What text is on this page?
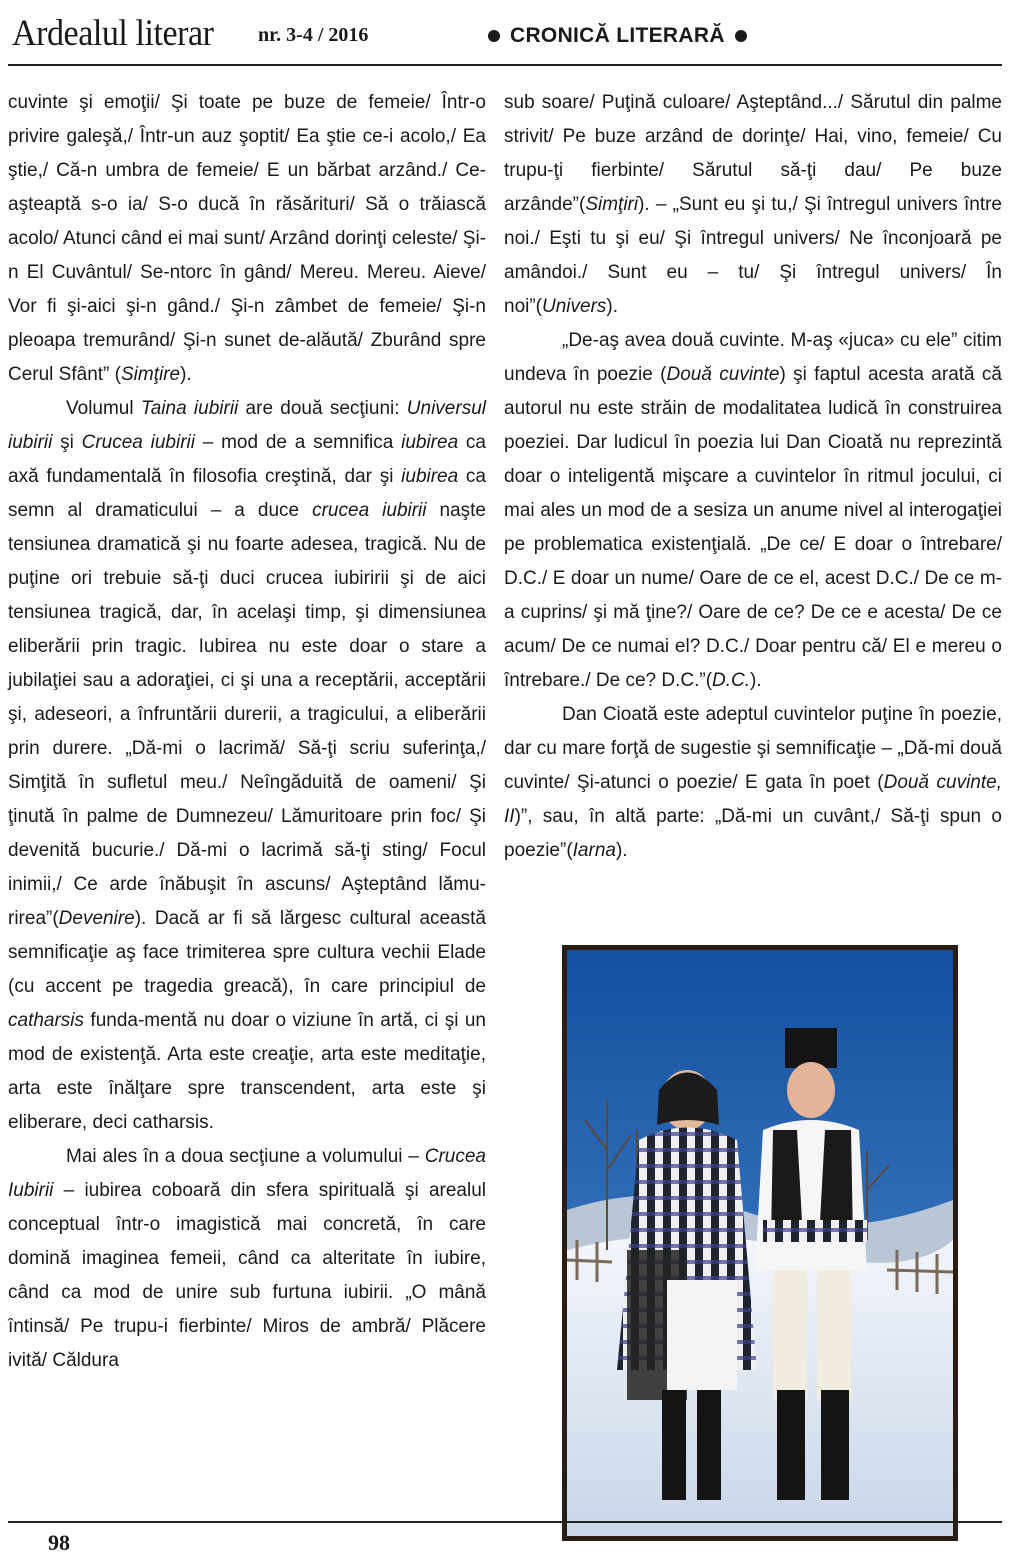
Ardealul literar nr. 3-4 / 2016	CRONICĂ LITERARĂ

cuvinte şi emoţii/ Şi toate pe buze de femeie/ Într-o privire galeşă,/ Într-un auz şoptit/ Ea ştie ce-i acolo,/ Ea ştie,/ Că-n umbra de femeie/ E un bărbat arzând./ Ce-aşteaptă s-o ia/ S-o ducă în răsărituri/ Să o trăiască acolo/ Atunci când ei mai sunt/ Arzând dorinţi celeste/ Şi-n El Cuvântul/ Se-ntorc în gând/ Mereu. Mereu. Aieve/ Vor fi şi-aici şi-n gând./ Şi-n zâmbet de femeie/ Şi-n pleoapa tremurând/ Şi-n sunet de-alăută/ Zburând spre Cerul Sfânt” (Simţire).

Volumul Taina iubirii are două secţiuni: Universul iubirii şi Crucea iubirii – mod de a semnifica iubirea ca axă fundamentală în filosofia creştină, dar şi iubirea ca semn al dramaticului – a duce crucea iubirii naşte tensiunea dramatică şi nu foarte adesea, tragică. Nu de puţine ori trebuie să-ţi duci crucea iubiririi şi de aici tensiunea tragică, dar, în acelaşi timp, şi dimensiunea eliberării prin tragic. Iubirea nu este doar o stare a jubilaţiei sau a adoraţiei, ci şi una a receptării, acceptării şi, adeseori, a înfruntării durerii, a tragicului, a eliberării prin durere. „Dă-mi o lacrimă/ Să-ţi scriu suferinţa,/ Simţită în sufletul meu./ Neîngăduită de oameni/ Şi ţinută în palme de Dumnezeu/ Lămuritoare prin foc/ Şi devenită bucurie./ Dă-mi o lacrimă să-ţi sting/ Focul inimii,/ Ce arde înăbuşit în ascuns/ Aşteptând lămu-rirea”(Devenire). Dacă ar fi să lărgesc cultural această semnificaţie aş face trimiterea spre cultura vechii Elade (cu accent pe tragedia greacă), în care principiul de catharsis funda-mentă nu doar o viziune în artă, ci şi un mod de existenţă. Arta este creaţie, arta este meditaţie, arta este înălţare spre transcendent, arta este şi eliberare, deci catharsis.

Mai ales în a doua secţiune a volumului – Crucea Iubirii – iubirea coboară din sfera spirituală şi arealul conceptual într-o imagistică mai concretă, în care domină imaginea femeii, când ca alteritate în iubire, când ca mod de unire sub furtuna iubirii. „O mână întinsă/ Pe trupu-i fierbinte/ Miros de ambră/ Plăcere ivită/ Căldura

sub soare/ Puţină culoare/ Aşteptând.../ Sărutul din palme strivit/ Pe buze arzând de dorinţe/ Hai, vino, femeie/ Cu trupu-ţi fierbinte/ Sărutul să-ţi dau/ Pe buze arzânde”(Simţiri). – „Sunt eu şi tu,/ Şi întregul univers între noi./ Eşti tu şi eu/ Şi întregul univers/ Ne înconjoară pe amândoi./ Sunt eu – tu/ Şi întregul univers/ În noi”(Univers).

„De-aş avea două cuvinte. M-aş «juca» cu ele” citim undeva în poezie (Două cuvinte) şi faptul acesta arată că autorul nu este străin de modalitatea ludică în construirea poeziei. Dar ludicul în poezia lui Dan Cioată nu reprezintă doar o inteligentă mişcare a cuvintelor în ritmul jocului, ci mai ales un mod de a sesiza un anume nivel al interogaţiei pe problematica existenţială. „De ce/ E doar o întrebare/ D.C./ E doar un nume/ Oare de ce el, acest D.C./ De ce m-a cuprins/ şi mă ţine?/ Oare de ce? De ce e acesta/ De ce acum/ De ce numai el? D.C./ Doar pentru că/ El e mereu o întrebare./ De ce? D.C.”(D.C.).

Dan Cioată este adeptul cuvintelor puţine în poezie, dar cu mare forţă de sugestie şi semnificaţie – „Dă-mi două cuvinte/ Şi-atunci o poezie/ E gata în poet (Două cuvinte, II)”, sau, în altă parte: „Dă-mi un cuvânt,/ Să-ţi spun o poezie”(Iarna).

98
